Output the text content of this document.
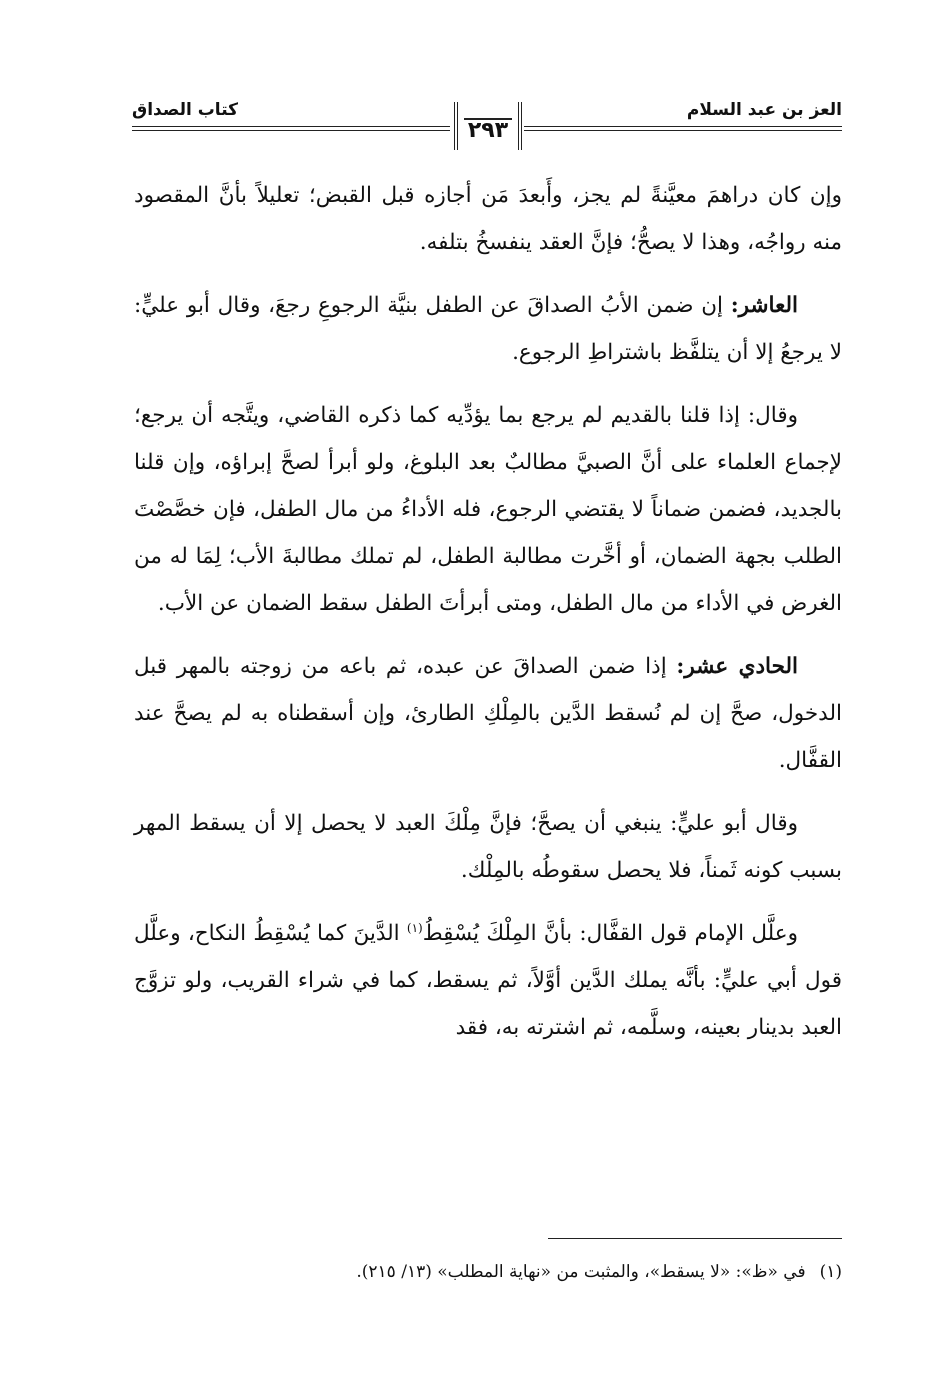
العز بن عبد السلام
كتاب الصداق
٢٩٣

وإن كان دراهمَ معيَّنةً لم يجز، وأَبعدَ مَن أجازه قبل القبض؛ تعليلاً بأنَّ المقصود منه رواجُه، وهذا لا يصحُّ؛ فإنَّ العقد ينفسخُ بتلفه.

العاشر: إن ضمن الأبُ الصداقَ عن الطفل بنيَّة الرجوعِ رجعَ، وقال أبو عليٍّ: لا يرجعُ إلا أن يتلفَّظ باشتراطِ الرجوع.

وقال: إذا قلنا بالقديم لم يرجع بما يؤدِّيه كما ذكره القاضي، ويتَّجه أن يرجع؛ لإجماع العلماء على أنَّ الصبيَّ مطالبٌ بعد البلوغ، ولو أبرأ لصحَّ إبراؤه، وإن قلنا بالجديد، فضمن ضماناً لا يقتضي الرجوع، فله الأداءُ من مال الطفل، فإن خصَّصْتَ الطلب بجهة الضمان، أو أخَّرت مطالبة الطفل، لم تملك مطالبةَ الأب؛ لِمَا له من الغرض في الأداء من مال الطفل، ومتى أبرأتَ الطفل سقط الضمان عن الأب.

الحادي عشر: إذا ضمن الصداقَ عن عبده، ثم باعه من زوجته بالمهر قبل الدخول، صحَّ إن لم نُسقط الدَّين بالمِلْكِ الطارئ، وإن أسقطناه به لم يصحَّ عند القفَّال.

وقال أبو عليٍّ: ينبغي أن يصحَّ؛ فإنَّ مِلْكَ العبد لا يحصل إلا أن يسقط المهر بسبب كونه ثَمناً، فلا يحصل سقوطُه بالمِلْك.

وعلَّل الإمام قول القفَّال: بأنَّ المِلْكَ يُسْقِطُ$^{(١)}$ الدَّينَ كما يُسْقِطُ النكاح، وعلَّل قول أبي عليٍّ: بأنَّه يملك الدَّين أوَّلاً، ثم يسقط، كما في شراء القريب، ولو تزوَّج العبد بدينار بعينه، وسلَّمه، ثم اشترته به، فقد

(١)في «ظ»: «لا يسقط»، والمثبت من «نهاية المطلب» (١٣/ ٢١٥).
